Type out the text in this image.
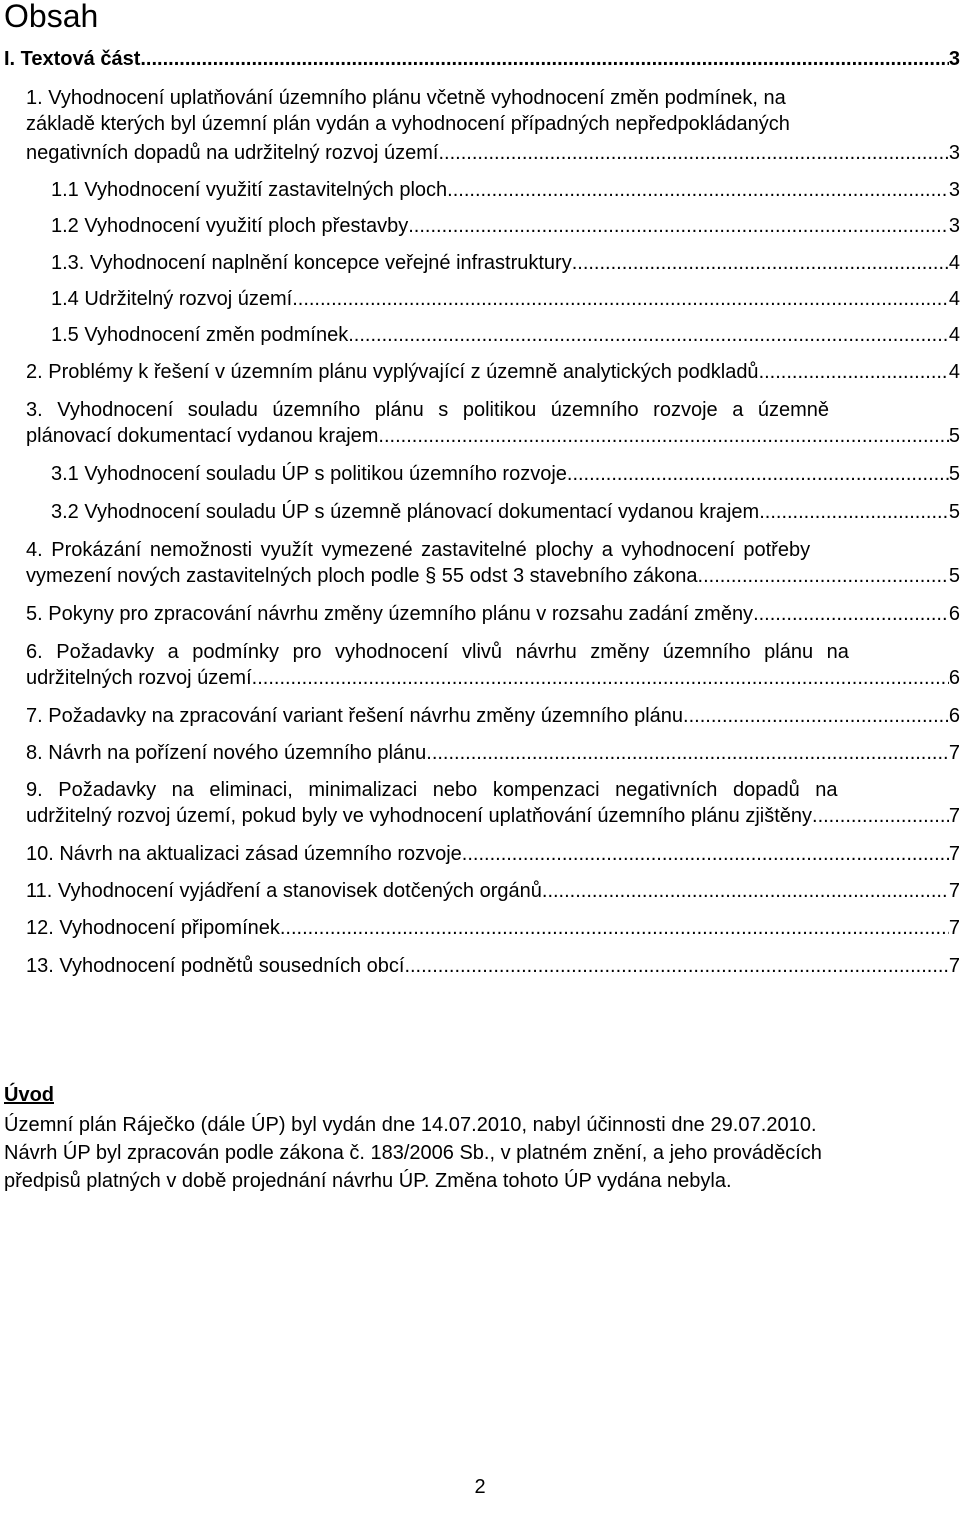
Obsah
I. Textová část .....	3
1. Vyhodnocení uplatňování územního plánu včetně vyhodnocení změn podmínek, na
základě kterých byl územní plán vydán a vyhodnocení případných nepředpokládaných
negativních dopadů na udržitelný rozvoj území .....	3
1.1 Vyhodnocení využití zastavitelných ploch .....	3
1.2 Vyhodnocení využití ploch přestavby .....	3
1.3. Vyhodnocení naplnění koncepce veřejné infrastruktury .....	4
1.4 Udržitelný rozvoj území .....	4
1.5 Vyhodnocení změn podmínek .....	4
2. Problémy k řešení v územním plánu vyplývající z územně analytických podkladů .....	4
3. Vyhodnocení souladu územního plánu s politikou územního rozvoje a územně
plánovací dokumentací vydanou krajem .....	5
3.1 Vyhodnocení souladu ÚP s politikou územního rozvoje .....	5
3.2 Vyhodnocení souladu ÚP s územně plánovací dokumentací vydanou krajem .....	5
4. Prokázání nemožnosti využít vymezené zastavitelné plochy a vyhodnocení potřeby
vymezení nových zastavitelných ploch podle § 55 odst 3 stavebního zákona .....	5
5. Pokyny pro zpracování návrhu změny územního plánu v rozsahu zadání změny .....	6
6. Požadavky a podmínky pro vyhodnocení vlivů návrhu změny územního plánu na
udržitelných rozvoj území .....	6
7. Požadavky na zpracování variant řešení návrhu změny územního plánu .....	6
8. Návrh na pořízení nového územního plánu .....	7
9. Požadavky na eliminaci, minimalizaci nebo kompenzaci negativních dopadů na
udržitelný rozvoj území, pokud byly ve vyhodnocení uplatňování územního plánu zjištěny .....	7
10. Návrh na aktualizaci zásad územního rozvoje .....	7
11. Vyhodnocení vyjádření a stanovisek dotčených orgánů .....	7
12. Vyhodnocení připomínek .....	7
13. Vyhodnocení podnětů sousedních obcí .....	7
Úvod
Územní plán Ráječko (dále ÚP) byl vydán dne 14.07.2010, nabyl účinnosti dne 29.07.2010.
Návrh ÚP byl zpracován podle zákona č. 183/2006 Sb., v platném znění, a jeho prováděcích
předpisů platných v době projednání návrhu ÚP. Změna tohoto ÚP vydána nebyla.
2
